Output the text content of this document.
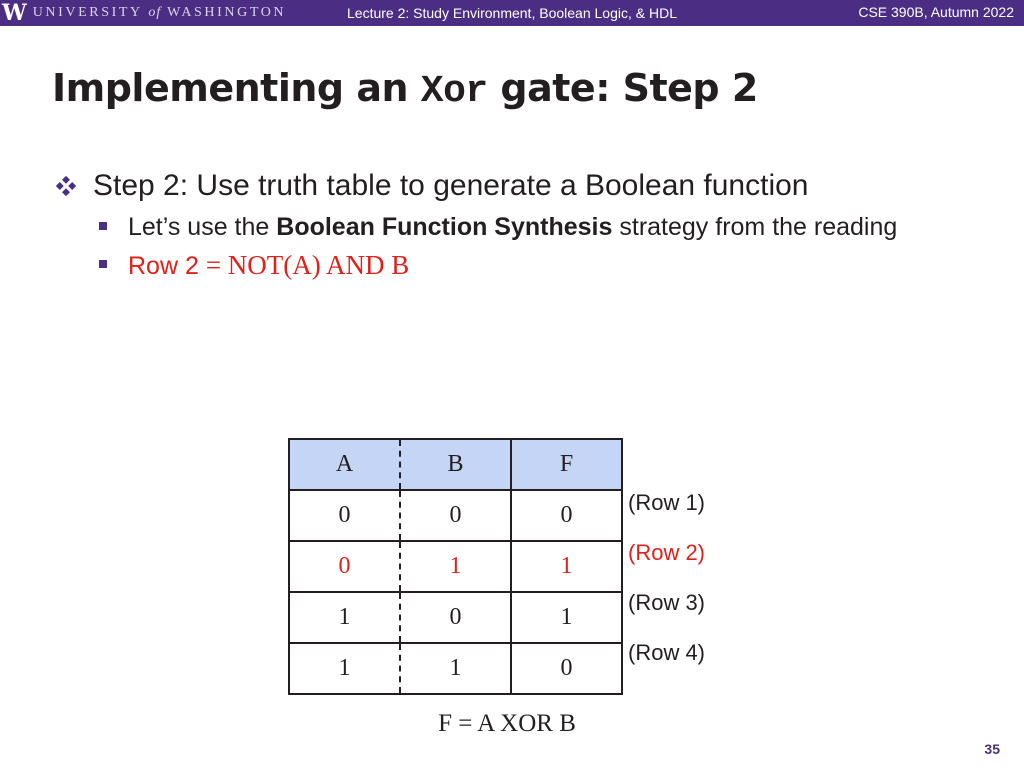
W UNIVERSITY of WASHINGTON	Lecture 2: Study Environment, Boolean Logic, & HDL	CSE 390B, Autumn 2022
Implementing an Xor gate: Step 2
Step 2: Use truth table to generate a Boolean function
Let’s use the Boolean Function Synthesis strategy from the reading
Row 2 = NOT(A) AND B
A	B	F
0	0	0
0	1	1
1	0	1
1	1	0
(Row 1)
(Row 2)
(Row 3)
(Row 4)
F = A XOR B
35
